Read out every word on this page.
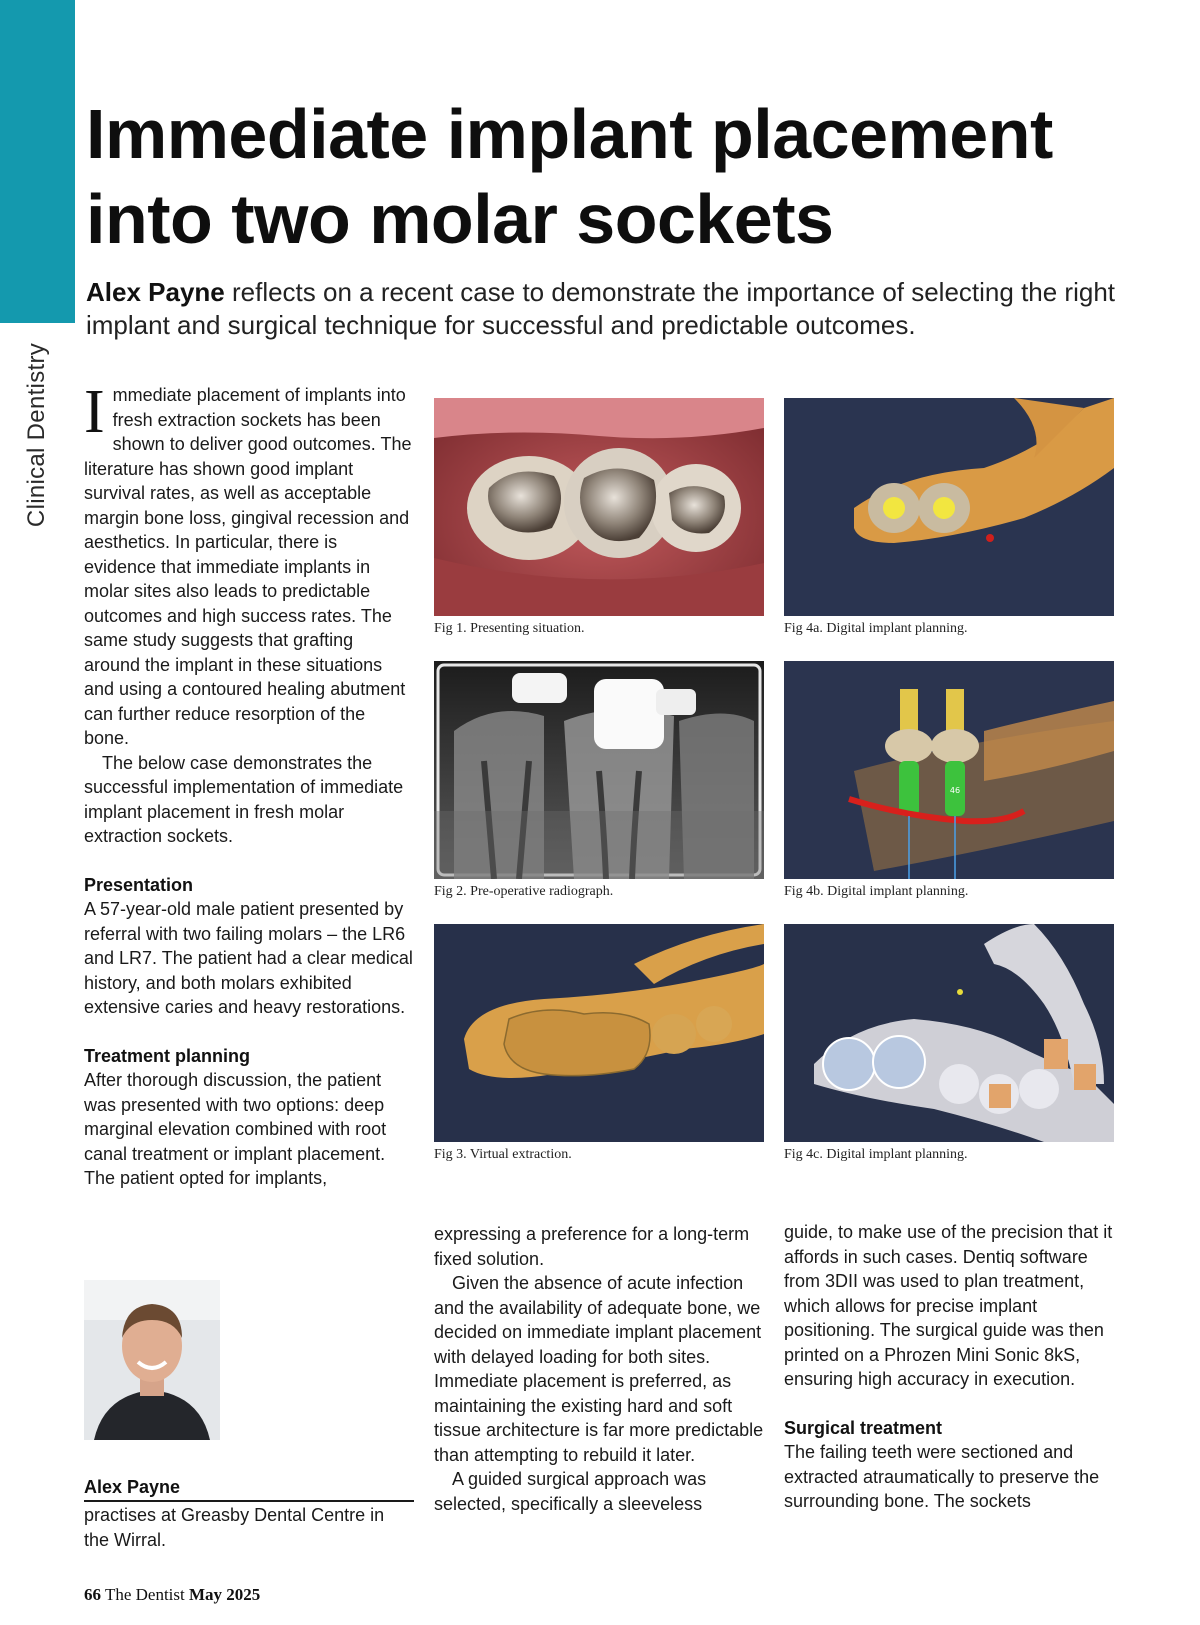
Clinical Dentistry
Immediate implant placement into two molar sockets
Alex Payne reflects on a recent case to demonstrate the importance of selecting the right implant and surgical technique for successful and predictable outcomes.

Immediate placement of implants into fresh extraction sockets has been shown to deliver good outcomes. The literature has shown good implant survival rates, as well as acceptable margin bone loss, gingival recession and aesthetics. In particular, there is evidence that immediate implants in molar sites also leads to predictable outcomes and high success rates. The same study suggests that grafting around the implant in these situations and using a contoured healing abutment can further reduce resorption of the bone.

The below case demonstrates the successful implementation of immediate implant placement in fresh molar extraction sockets.

Presentation

A 57-year-old male patient presented by referral with two failing molars – the LR6 and LR7. The patient had a clear medical history, and both molars exhibited extensive caries and heavy restorations.

Treatment planning

After thorough discussion, the patient was presented with two options: deep marginal elevation combined with root canal treatment or implant placement. The patient opted for implants,

Fig 1. Presenting situation.
Fig 2. Pre-operative radiograph.
Fig 3. Virtual extraction.
Fig 4a. Digital implant planning.
46
Fig 4b. Digital implant planning.
Fig 4c. Digital implant planning.

expressing a preference for a long-term fixed solution.

Given the absence of acute infection and the availability of adequate bone, we decided on immediate implant placement with delayed loading for both sites. Immediate placement is preferred, as maintaining the existing hard and soft tissue architecture is far more predictable than attempting to rebuild it later.

A guided surgical approach was selected, specifically a sleeveless

guide, to make use of the precision that it affords in such cases. Dentiq software from 3DII was used to plan treatment, which allows for precise implant positioning. The surgical guide was then printed on a Phrozen Mini Sonic 8kS, ensuring high accuracy in execution.

Surgical treatment

The failing teeth were sectioned and extracted atraumatically to preserve the surrounding bone. The sockets

Alex Payne
practises at Greasby Dental Centre in the Wirral.
66 The Dentist May 2025
